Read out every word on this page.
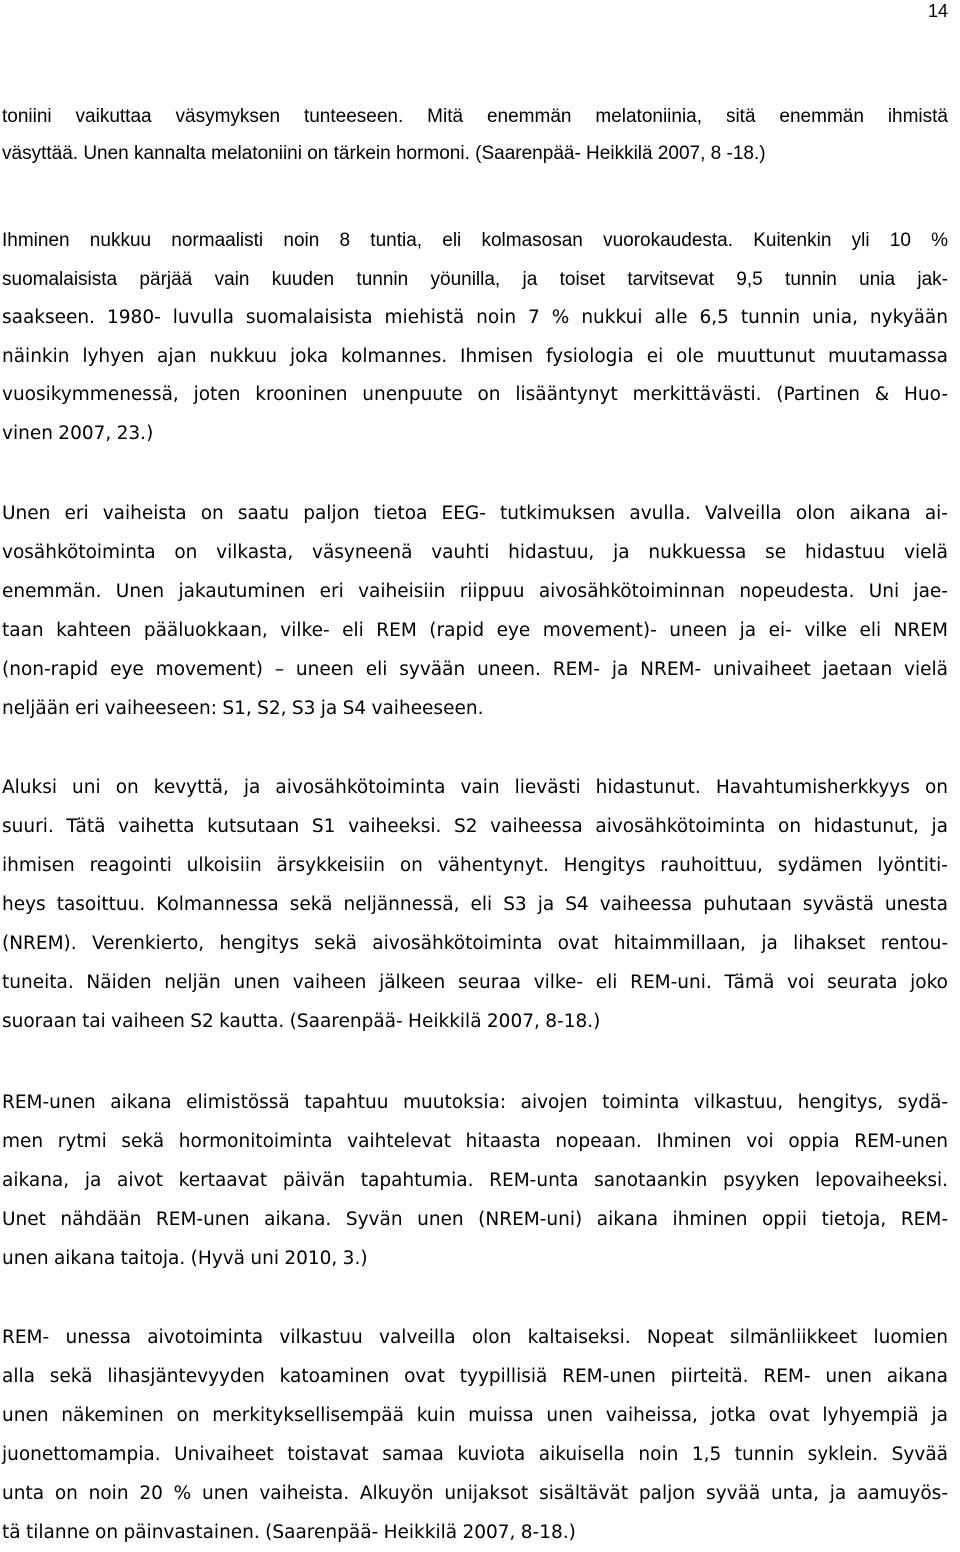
14
toniini vaikuttaa väsymyksen tunteeseen. Mitä enemmän melatoniinia, sitä enemmän ihmistä
väsyttää. Unen kannalta melatoniini on tärkein hormoni. (Saarenpää- Heikkilä 2007, 8 -18.)
Ihminen nukkuu normaalisti noin 8 tuntia, eli kolmasosan vuorokaudesta. Kuitenkin yli 10 %
suomalaisista pärjää vain kuuden tunnin yöunilla, ja toiset tarvitsevat 9,5 tunnin unia jak-
saakseen. 1980- luvulla suomalaisista miehistä noin 7 % nukkui alle 6,5 tunnin unia, nykyään
näinkin lyhyen ajan nukkuu joka kolmannes. Ihmisen fysiologia ei ole muuttunut muutamassa
vuosikymmenessä, joten krooninen unenpuute on lisääntynyt merkittävästi. (Partinen & Huo-
vinen 2007, 23.)
Unen eri vaiheista on saatu paljon tietoa EEG- tutkimuksen avulla. Valveilla olon aikana ai-
vosähkötoiminta on vilkasta, väsyneenä vauhti hidastuu, ja nukkuessa se hidastuu vielä
enemmän. Unen jakautuminen eri vaiheisiin riippuu aivosähkötoiminnan nopeudesta. Uni jae-
taan kahteen pääluokkaan, vilke- eli REM (rapid eye movement)- uneen ja ei- vilke eli NREM
(non-rapid eye movement) – uneen eli syvään uneen. REM- ja NREM- univaiheet jaetaan vielä
neljään eri vaiheeseen: S1, S2, S3 ja S4 vaiheeseen.
Aluksi uni on kevyttä, ja aivosähkötoiminta vain lievästi hidastunut. Havahtumisherkkyys on
suuri. Tätä vaihetta kutsutaan S1 vaiheeksi. S2 vaiheessa aivosähkötoiminta on hidastunut, ja
ihmisen reagointi ulkoisiin ärsykkeisiin on vähentynyt. Hengitys rauhoittuu, sydämen lyöntiti-
heys tasoittuu. Kolmannessa sekä neljännessä, eli S3 ja S4 vaiheessa puhutaan syvästä unesta
(NREM). Verenkierto, hengitys sekä aivosähkötoiminta ovat hitaimmillaan, ja lihakset rentou-
tuneita. Näiden neljän unen vaiheen jälkeen seuraa vilke- eli REM-uni. Tämä voi seurata joko
suoraan tai vaiheen S2 kautta. (Saarenpää- Heikkilä 2007, 8-18.)
REM-unen aikana elimistössä tapahtuu muutoksia: aivojen toiminta vilkastuu, hengitys, sydä-
men rytmi sekä hormonitoiminta vaihtelevat hitaasta nopeaan. Ihminen voi oppia REM-unen
aikana, ja aivot kertaavat päivän tapahtumia. REM-unta sanotaankin psyyken lepovaiheeksi.
Unet nähdään REM-unen aikana. Syvän unen (NREM-uni) aikana ihminen oppii tietoja, REM-
unen aikana taitoja. (Hyvä uni 2010, 3.)
REM- unessa aivotoiminta vilkastuu valveilla olon kaltaiseksi. Nopeat silmänliikkeet luomien
alla sekä lihasjäntevyyden katoaminen ovat tyypillisiä REM-unen piirteitä. REM- unen aikana
unen näkeminen on merkityksellisempää kuin muissa unen vaiheissa, jotka ovat lyhyempiä ja
juonettomampia. Univaiheet toistavat samaa kuviota aikuisella noin 1,5 tunnin syklein. Syvää
unta on noin 20 % unen vaiheista. Alkuyön unijaksot sisältävät paljon syvää unta, ja aamuyös-
tä tilanne on päinvastainen. (Saarenpää- Heikkilä 2007, 8-18.)
